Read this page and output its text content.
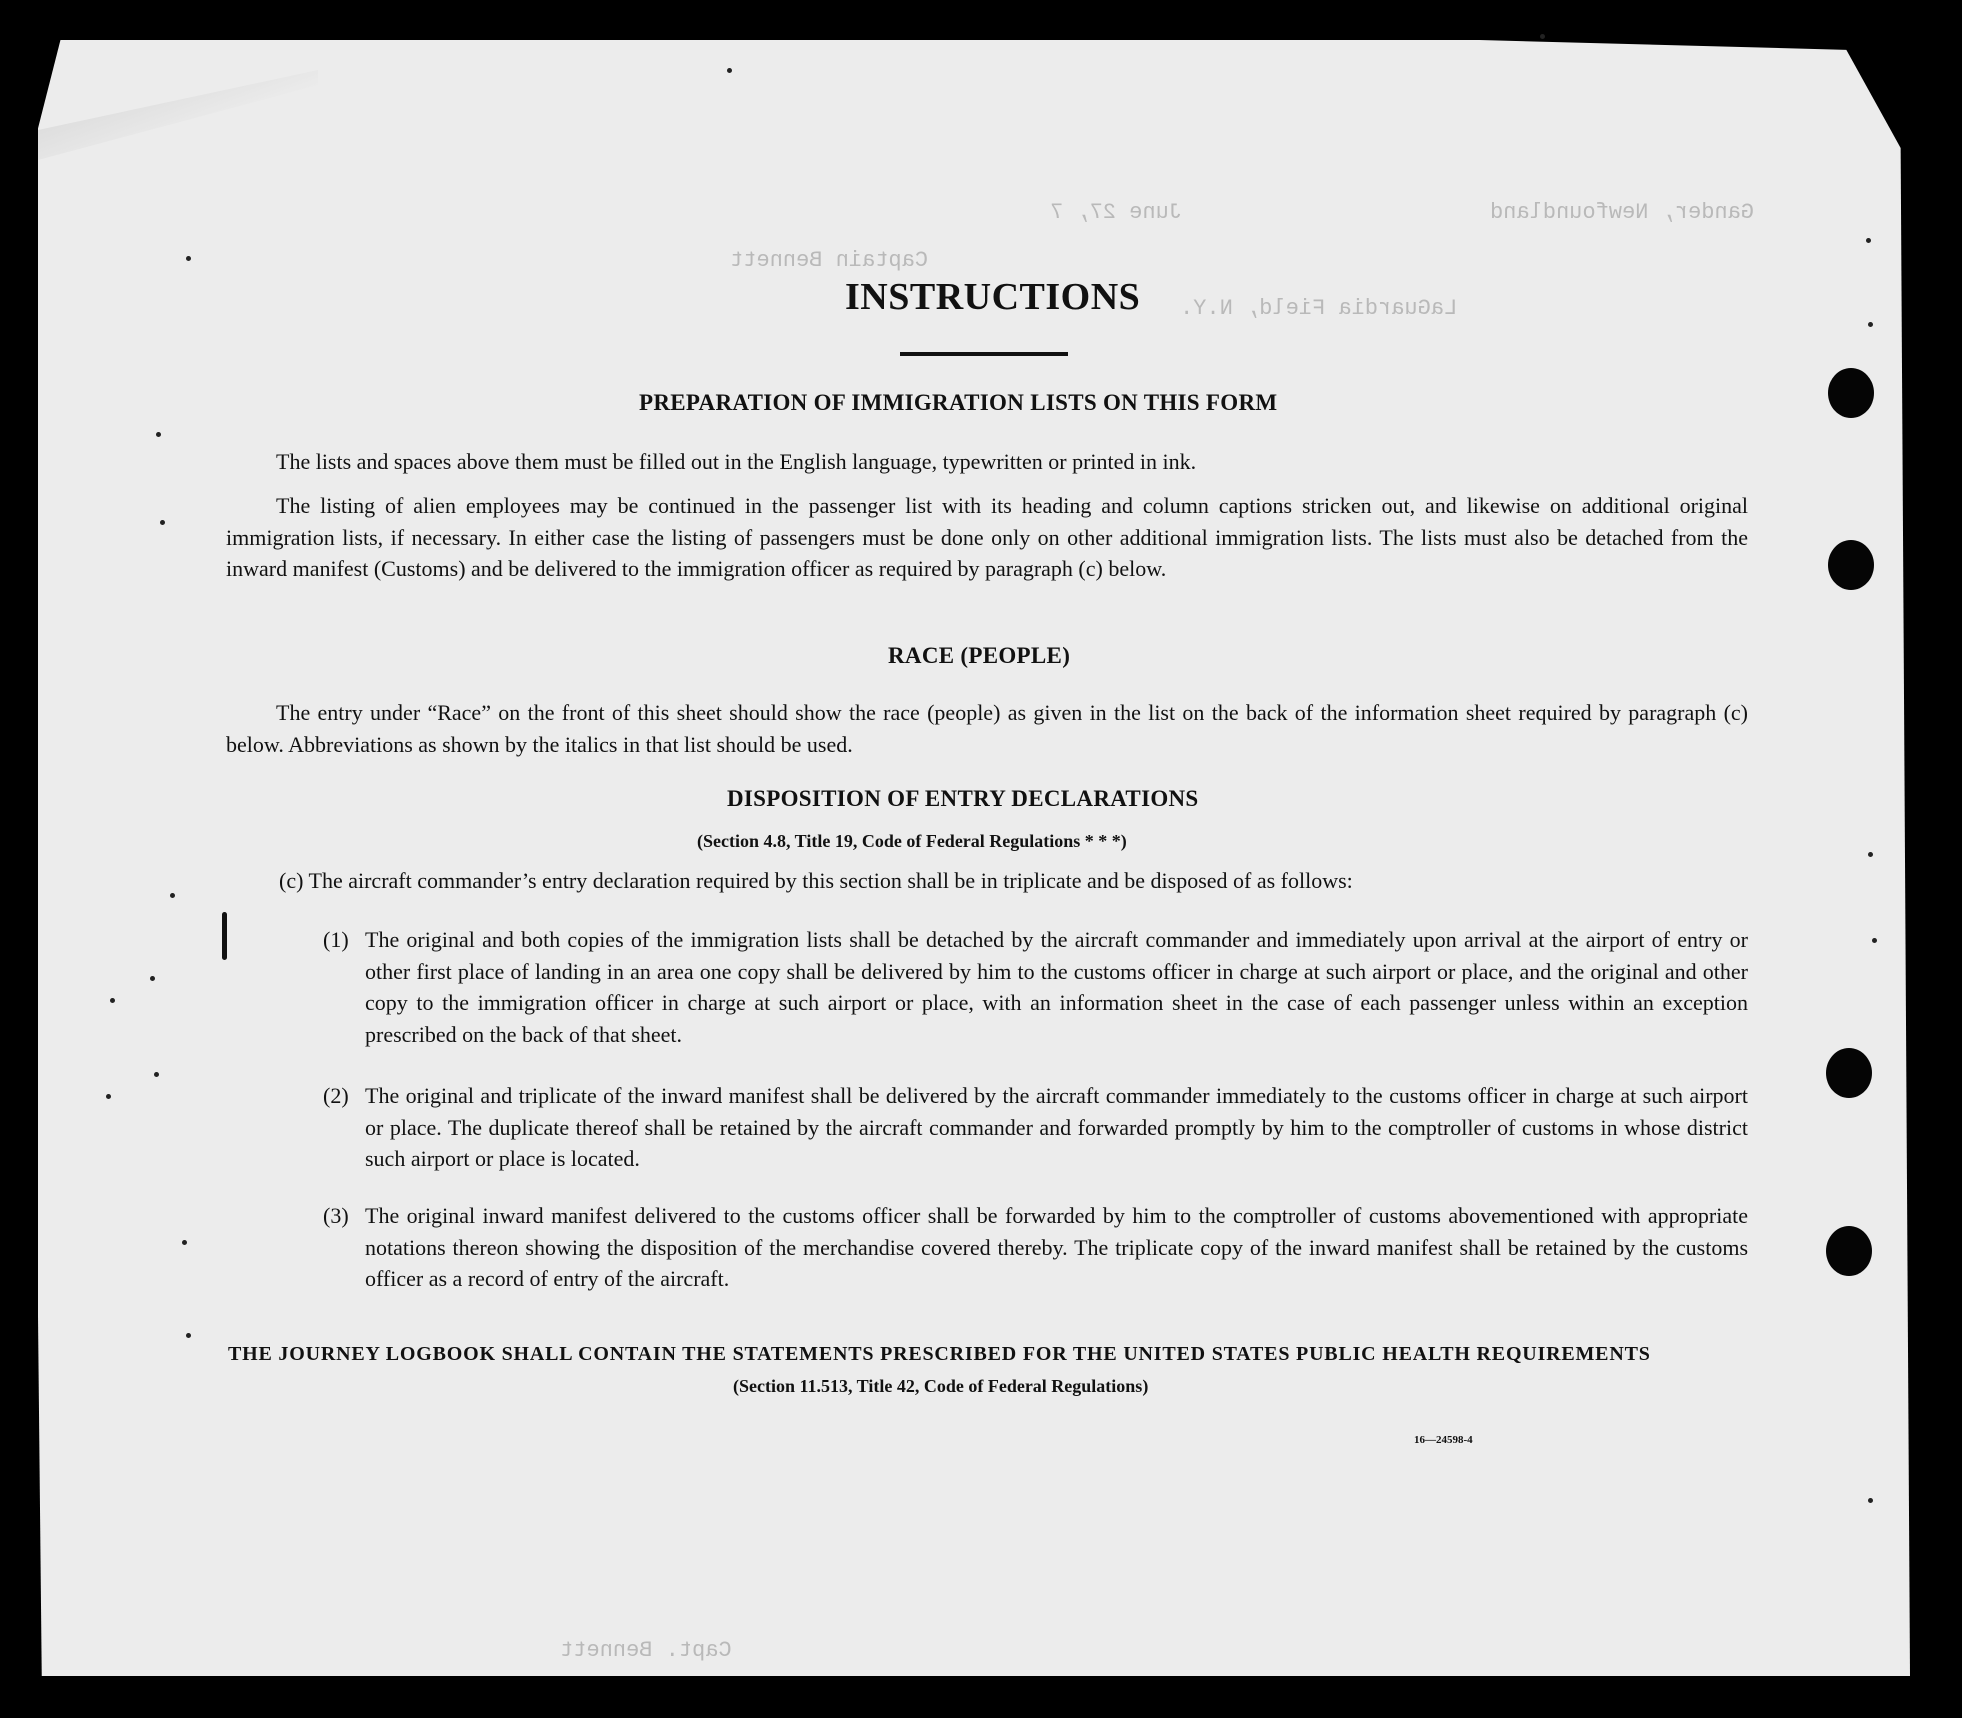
Gander, Newfoundland
June 27, 7
Captain Bennett
LaGuardia Field, N.Y.
Capt. Bennett
INSTRUCTIONS
PREPARATION OF IMMIGRATION LISTS ON THIS FORM
The lists and spaces above them must be filled out in the English language, typewritten or printed in ink.
The listing of alien employees may be continued in the passenger list with its heading and column captions stricken out, and likewise on additional original immigration lists, if necessary. In either case the listing of passengers must be done only on other additional immigration lists. The lists must also be detached from the inward manifest (Customs) and be delivered to the immigration officer as required by paragraph (c) below.
RACE (PEOPLE)
The entry under “Race” on the front of this sheet should show the race (people) as given in the list on the back of the information sheet required by paragraph (c) below. Abbreviations as shown by the italics in that list should be used.
DISPOSITION OF ENTRY DECLARATIONS
(Section 4.8, Title 19, Code of Federal Regulations * * *)
(c) The aircraft commander’s entry declaration required by this section shall be in triplicate and be disposed of as follows:
(1) The original and both copies of the immigration lists shall be detached by the aircraft commander and immediately upon arrival at the airport of entry or other first place of landing in an area one copy shall be delivered by him to the customs officer in charge at such airport or place, and the original and other copy to the immigration officer in charge at such airport or place, with an information sheet in the case of each passenger unless within an exception prescribed on the back of that sheet.
(2) The original and triplicate of the inward manifest shall be delivered by the aircraft commander immediately to the customs officer in charge at such airport or place. The duplicate thereof shall be retained by the aircraft commander and forwarded promptly by him to the comptroller of customs in whose district such airport or place is located.
(3) The original inward manifest delivered to the customs officer shall be forwarded by him to the comptroller of customs abovementioned with appropriate notations thereon showing the disposition of the merchandise covered thereby. The triplicate copy of the inward manifest shall be retained by the customs officer as a record of entry of the aircraft.
THE JOURNEY LOGBOOK SHALL CONTAIN THE STATEMENTS PRESCRIBED FOR THE UNITED STATES PUBLIC HEALTH REQUIREMENTS
(Section 11.513, Title 42, Code of Federal Regulations)
16—24598-4
